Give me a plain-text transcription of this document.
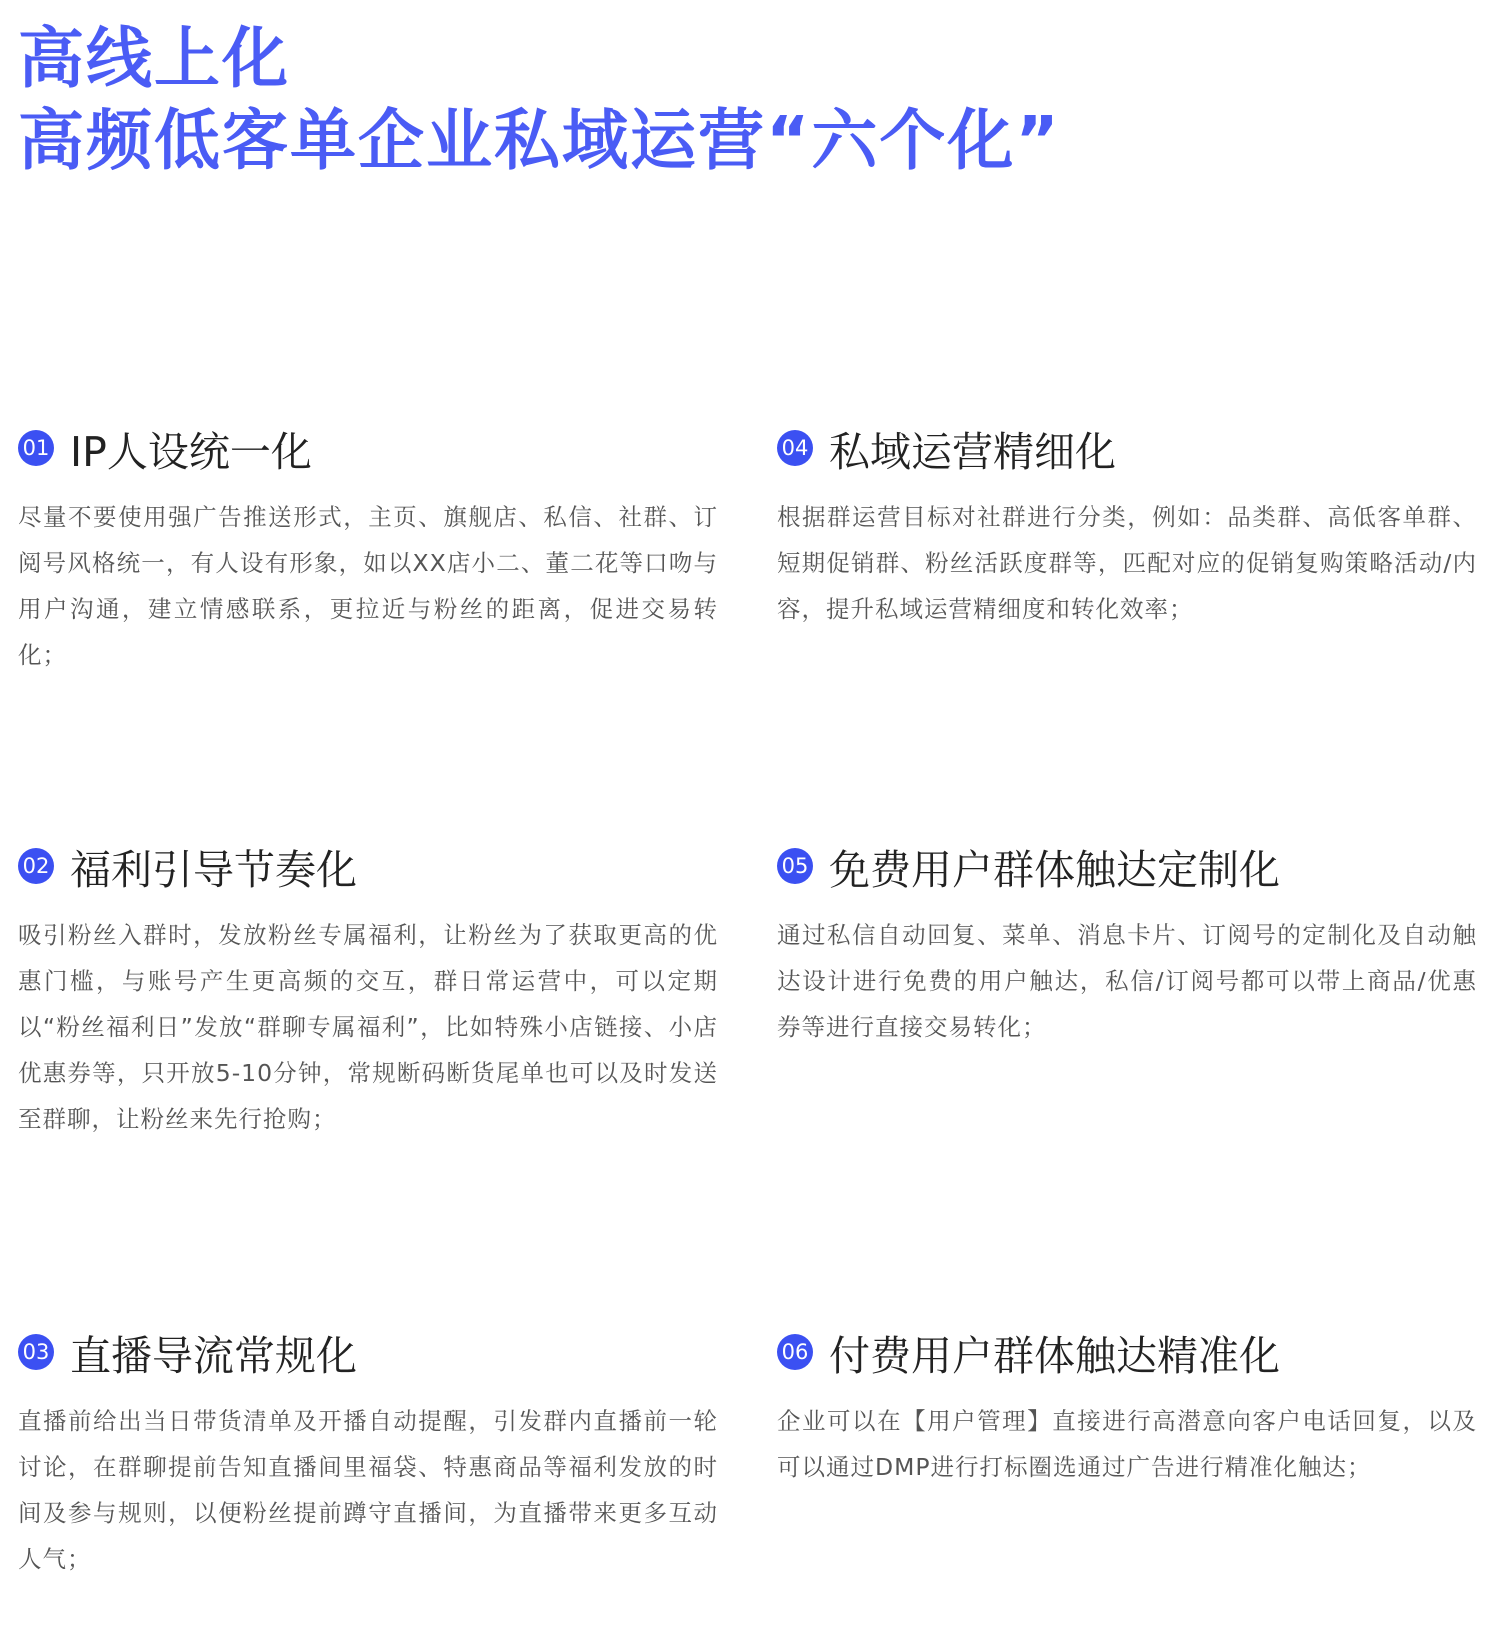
高线上化
高频低客单企业私域运营“六个化”
01 IP人设统一化
尽量不要使用强广告推送形式，主页、旗舰店、私信、社群、订阅号风格统一，有人设有形象，如以XX店小二、董二花等口吻与用户沟通，建立情感联系，更拉近与粉丝的距离，促进交易转化；
02 福利引导节奏化
吸引粉丝入群时，发放粉丝专属福利，让粉丝为了获取更高的优惠门槛，与账号产生更高频的交互，群日常运营中，可以定期以“粉丝福利日”发放“群聊专属福利”，比如特殊小店链接、小店优惠券等，只开放5-10分钟，常规断码断货尾单也可以及时发送至群聊，让粉丝来先行抢购；
03 直播导流常规化
直播前给出当日带货清单及开播自动提醒，引发群内直播前一轮讨论，在群聊提前告知直播间里福袋、特惠商品等福利发放的时间及参与规则，以便粉丝提前蹲守直播间，为直播带来更多互动人气；
04 私域运营精细化
根据群运营目标对社群进行分类，例如：品类群、高低客单群、短期促销群、粉丝活跃度群等，匹配对应的促销复购策略活动/内容，提升私域运营精细度和转化效率；
05 免费用户群体触达定制化
通过私信自动回复、菜单、消息卡片、订阅号的定制化及自动触达设计进行免费的用户触达，私信/订阅号都可以带上商品/优惠券等进行直接交易转化；
06 付费用户群体触达精准化
企业可以在【用户管理】直接进行高潜意向客户电话回复，以及可以通过DMP进行打标圈选通过广告进行精准化触达；
